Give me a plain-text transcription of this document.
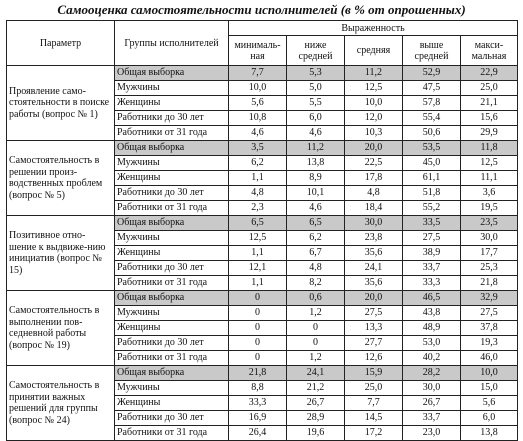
Самооценка самостоятельности исполнителей (в % от опрошенных)
Параметр	Группы исполнителей	Выраженность				
		минималь-ная	ниже средней	средняя	выше средней	макси-мальная
Проявление само-стоятельности в поиске работы (вопрос № 1)	Общая выборка	7,7	5,3	11,2	52,9	22,9
	Мужчины	10,0	5,0	12,5	47,5	25,0
	Женщины	5,6	5,5	10,0	57,8	21,1
	Работники до 30 лет	10,8	6,0	12,0	55,4	15,6
	Работники от 31 года	4,6	4,6	10,3	50,6	29,9
Самостоятельность в решении произ-водственных проблем (вопрос № 5)	Общая выборка	3,5	11,2	20,0	53,5	11,8
	Мужчины	6,2	13,8	22,5	45,0	12,5
	Женщины	1,1	8,9	17,8	61,1	11,1
	Работники до 30 лет	4,8	10,1	4,8	51,8	3,6
	Работники от 31 года	2,3	4,6	18,4	55,2	19,5
Позитивное отно-шение к выдвиже-нию инициатив (вопрос № 15)	Общая выборка	6,5	6,5	30,0	33,5	23,5
	Мужчины	12,5	6,2	23,8	27,5	30,0
	Женщины	1,1	6,7	35,6	38,9	17,7
	Работники до 30 лет	12,1	4,8	24,1	33,7	25,3
	Работники от 31 года	1,1	8,2	35,6	33,3	21,8
Самостоятельность в выполнении пов-седневной работы (вопрос № 19)	Общая выборка	0	0,6	20,0	46,5	32,9
	Мужчины	0	1,2	27,5	43,8	27,5
	Женщины	0	0	13,3	48,9	37,8
	Работники до 30 лет	0	0	27,7	53,0	19,3
	Работники от 31 года	0	1,2	12,6	40,2	46,0
Самостоятельность в принятии важных решений для группы (вопрос № 24)	Общая выборка	21,8	24,1	15,9	28,2	10,0
	Мужчины	8,8	21,2	25,0	30,0	15,0
	Женщины	33,3	26,7	7,7	26,7	5,6
	Работники до 30 лет	16,9	28,9	14,5	33,7	6,0
	Работники от 31 года	26,4	19,6	17,2	23,0	13,8
